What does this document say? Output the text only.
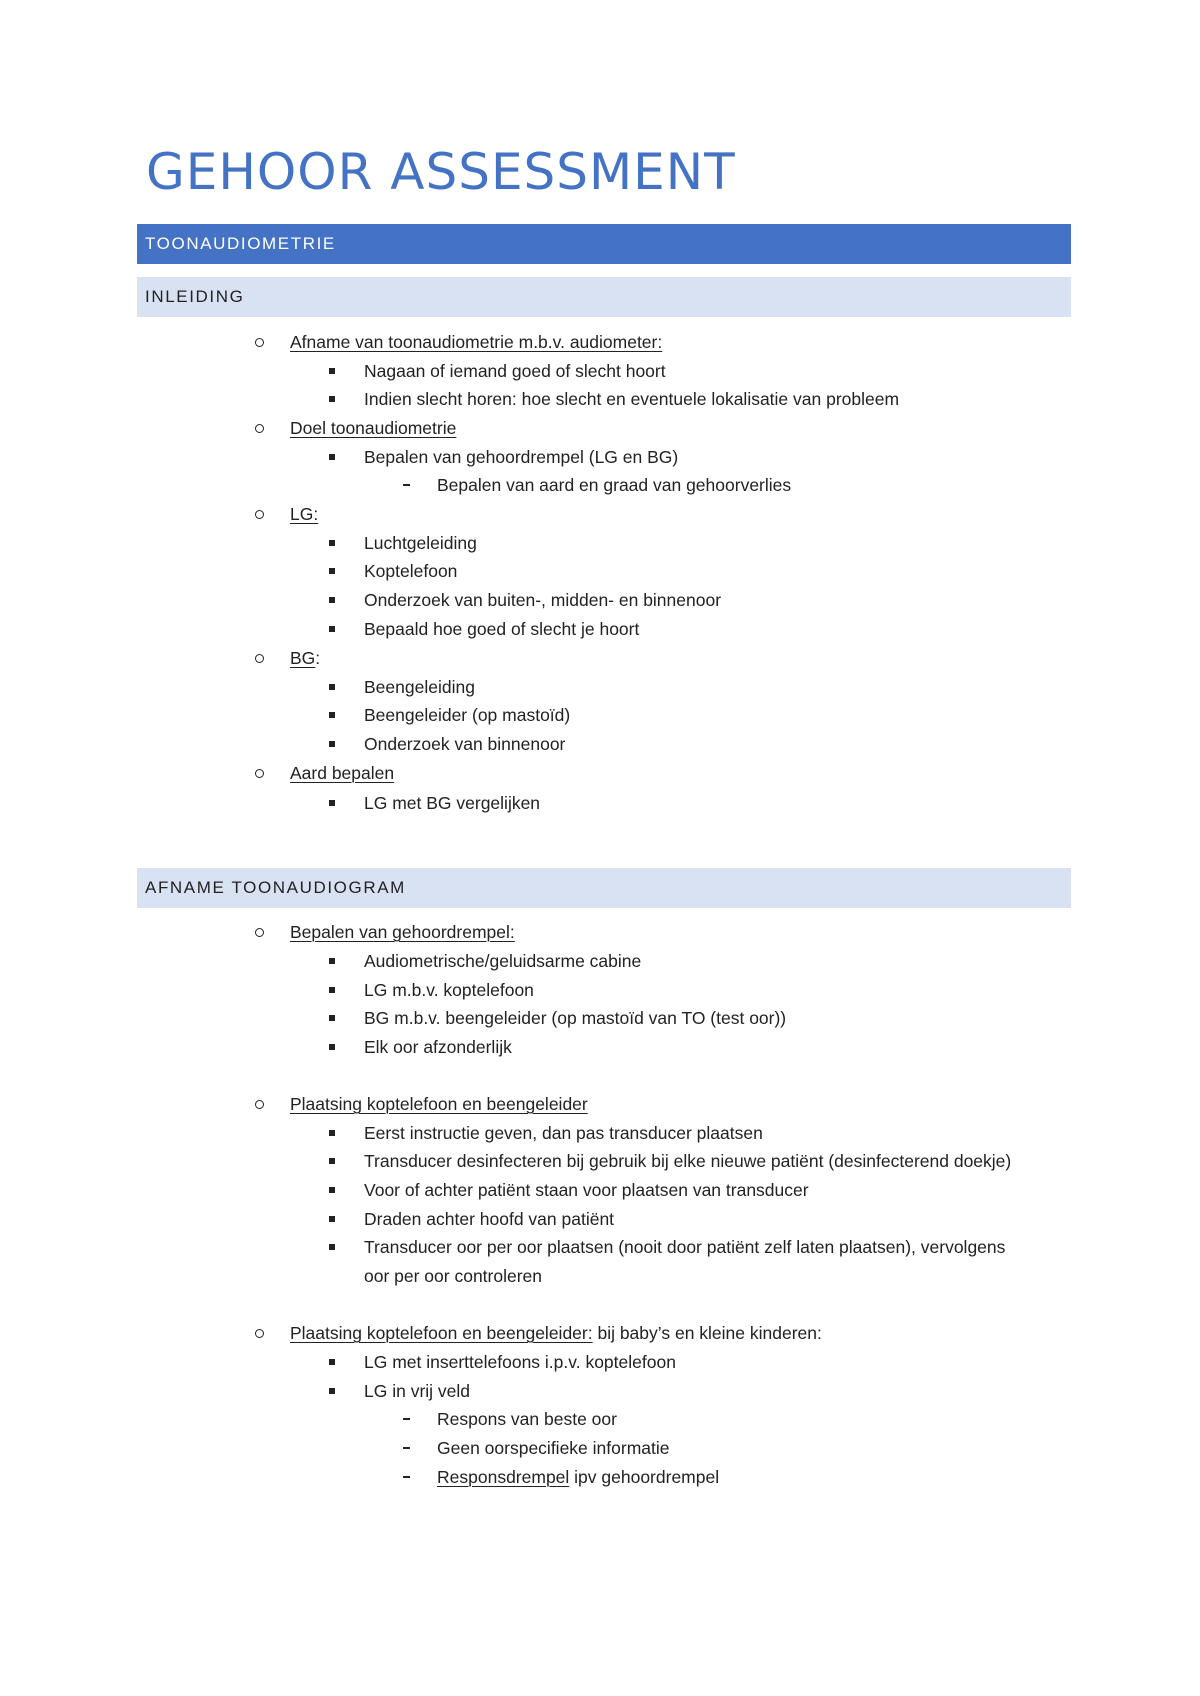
GEHOOR ASSESSMENT
TOONAUDIOMETRIE
INLEIDING
Afname van toonaudiometrie m.b.v. audiometer:
Nagaan of iemand goed of slecht hoort
Indien slecht horen: hoe slecht en eventuele lokalisatie van probleem
Doel toonaudiometrie
Bepalen van gehoordrempel (LG en BG)
Bepalen van aard en graad van gehoorverlies
LG:
Luchtgeleiding
Koptelefoon
Onderzoek van buiten-, midden- en binnenoor
Bepaald hoe goed of slecht je hoort
BG:
Beengeleiding
Beengeleider (op mastoïd)
Onderzoek van binnenoor
Aard bepalen
LG met BG vergelijken
AFNAME TOONAUDIOGRAM
Bepalen van gehoordrempel:
Audiometrische/geluidsarme cabine
LG m.b.v. koptelefoon
BG m.b.v. beengeleider (op mastoïd van TO (test oor))
Elk oor afzonderlijk
Plaatsing koptelefoon en beengeleider
Eerst instructie geven, dan pas transducer plaatsen
Transducer desinfecteren bij gebruik bij elke nieuwe patiënt (desinfecterend doekje)
Voor of achter patiënt staan voor plaatsen van transducer
Draden achter hoofd van patiënt
Transducer oor per oor plaatsen (nooit door patiënt zelf laten plaatsen), vervolgens
oor per oor controleren
Plaatsing koptelefoon en beengeleider: bij baby’s en kleine kinderen:
LG met inserttelefoons i.p.v. koptelefoon
LG in vrij veld
Respons van beste oor
Geen oorspecifieke informatie
Responsdrempel ipv gehoordrempel
